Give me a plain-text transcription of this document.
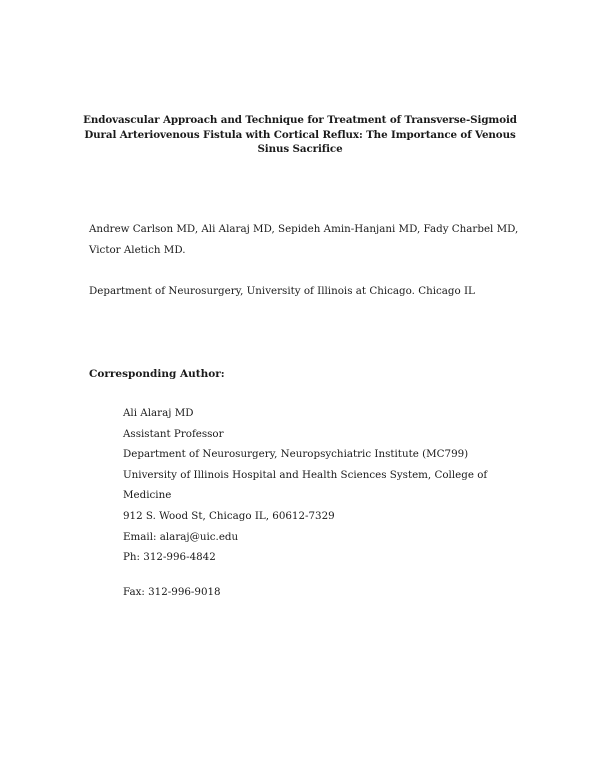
Endovascular Approach and Technique for Treatment of Transverse-Sigmoid
Dural Arteriovenous Fistula with Cortical Reflux: The Importance of Venous
Sinus Sacrifice
Andrew Carlson MD, Ali Alaraj MD, Sepideh Amin-Hanjani MD, Fady Charbel MD,
Victor Aletich MD.
Department of Neurosurgery, University of Illinois at Chicago. Chicago IL
Corresponding Author:
Ali Alaraj MD
Assistant Professor
Department of Neurosurgery, Neuropsychiatric Institute (MC799)
University of Illinois Hospital and Health Sciences System, College of
Medicine
912 S. Wood St, Chicago IL, 60612-7329
Email: alaraj@uic.edu
Ph: 312-996-4842
Fax: 312-996-9018
